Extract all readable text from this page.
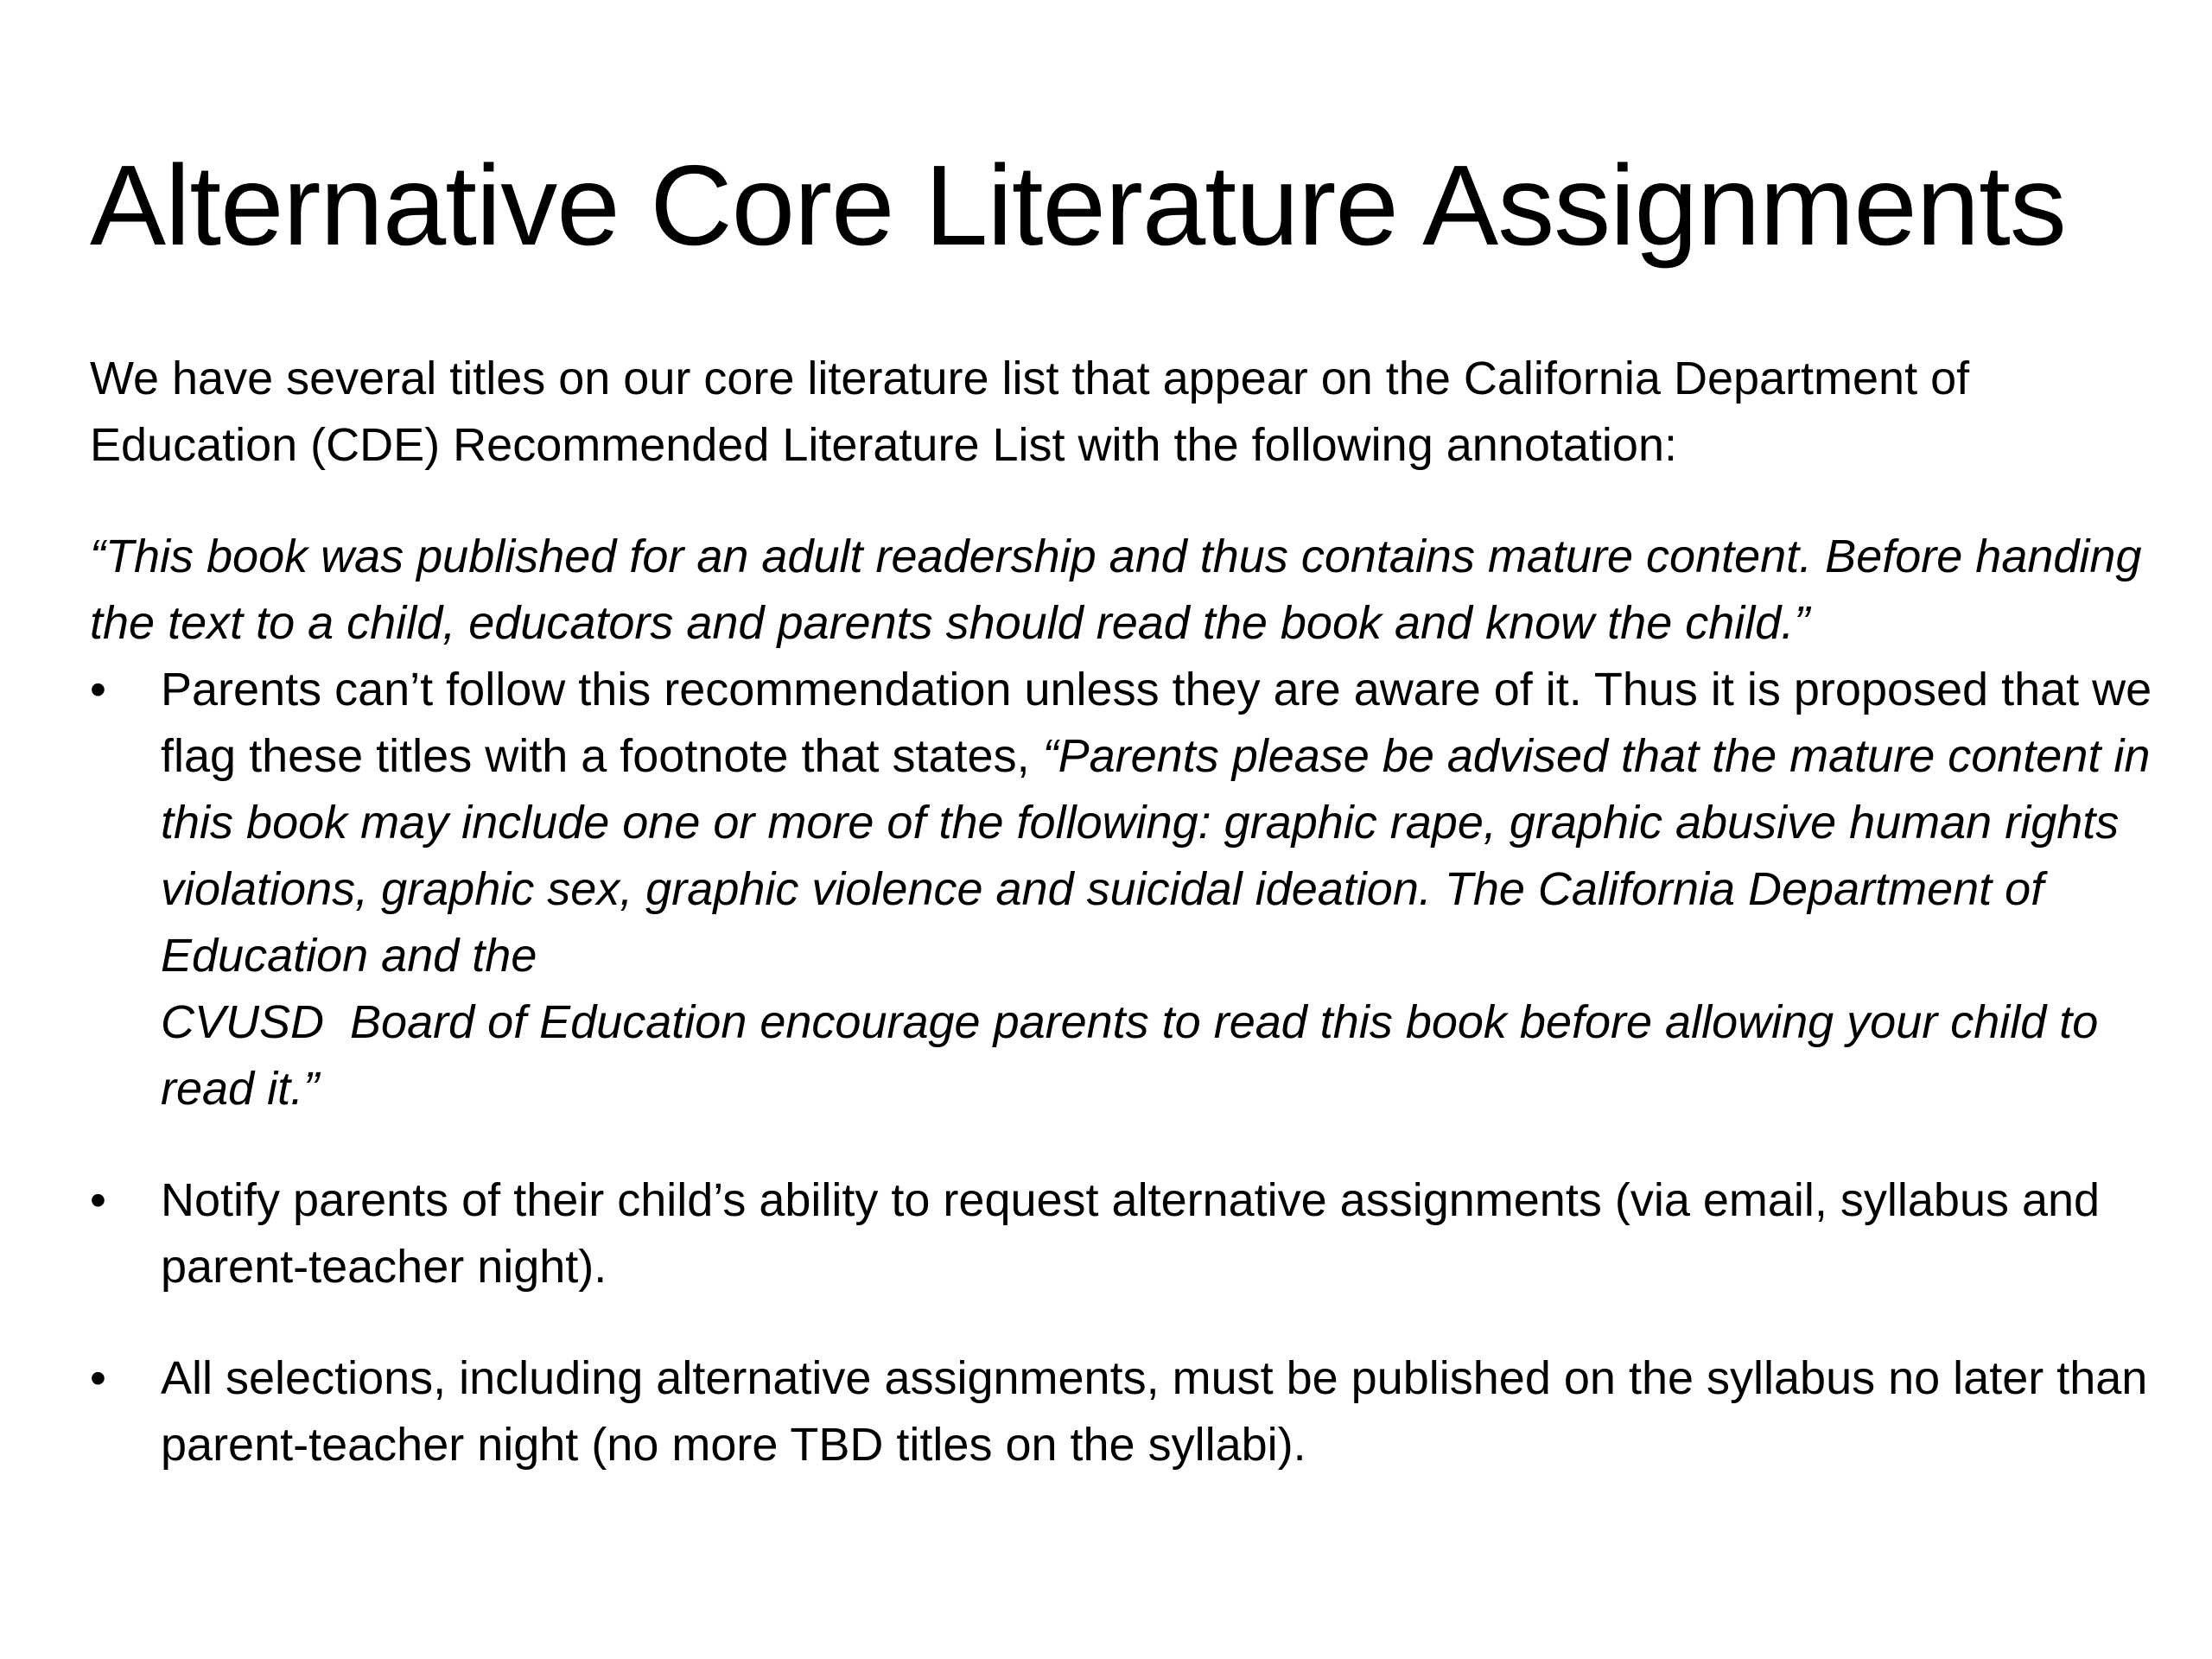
Alternative Core Literature Assignments

We have several titles on our core literature list that appear on the California Department of Education (CDE) Recommended Literature List with the following annotation:

“This book was published for an adult readership and thus contains mature content. Before handing the text to a child, educators and parents should read the book and know the child.”

•	Parents can’t follow this recommendation unless they are aware of it. Thus it is proposed that we flag these titles with a footnote that states, “Parents please be advised that the mature content in this book may include one or more of the following: graphic rape, graphic abusive human rights violations, graphic sex, graphic violence and suicidal ideation. The California Department of Education and the
CVUSD  Board of Education encourage parents to read this book before allowing your child to read it.”
•	Notify parents of their child’s ability to request alternative assignments (via email, syllabus and parent-teacher night).
•	All selections, including alternative assignments, must be published on the syllabus no later than parent-teacher night (no more TBD titles on the syllabi).
